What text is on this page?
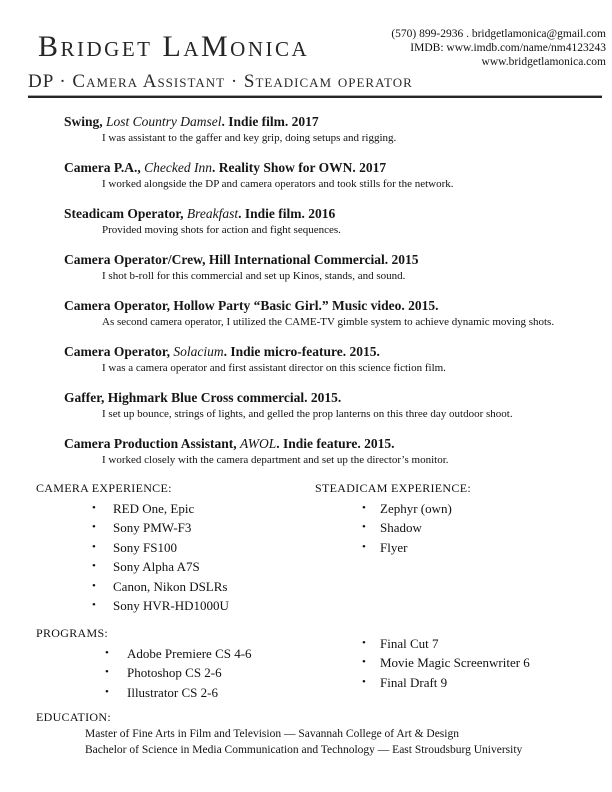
Bridget LaMonica	(570) 899-2936 . bridgetlamonica@gmail.com
IMDB: www.imdb.com/name/nm4123243
www.bridgetlamonica.com
DP · Camera Assistant · Steadicam operator
Swing, Lost Country Damsel. Indie film. 2017

I was assistant to the gaffer and key grip, doing setups and rigging.

Camera P.A., Checked Inn. Reality Show for OWN. 2017

I worked alongside the DP and camera operators and took stills for the network.

Steadicam Operator, Breakfast. Indie film. 2016

Provided moving shots for action and fight sequences.

Camera Operator/Crew, Hill International Commercial. 2015

I shot b-roll for this commercial and set up Kinos, stands, and sound.

Camera Operator, Hollow Party “Basic Girl.” Music video. 2015.

As second camera operator, I utilized the CAME-TV gimble system to achieve dynamic moving shots.

Camera Operator, Solacium. Indie micro-feature. 2015.

I was a camera operator and first assistant director on this science fiction film.

Gaffer, Highmark Blue Cross commercial. 2015.

I set up bounce, strings of lights, and gelled the prop lanterns on this three day outdoor shoot.

Camera Production Assistant, AWOL. Indie feature. 2015.

I worked closely with the camera department and set up the director’s monitor.

CAMERA EXPERIENCE:
• RED One, Epic
• Sony PMW-F3
• Sony FS100
• Sony Alpha A7S
• Canon, Nikon DSLRs
• Sony HVR-HD1000U
STEADICAM EXPERIENCE:
• Zephyr (own)
• Shadow
• Flyer
PROGRAMS:
• Adobe Premiere CS 4-6
• Photoshop CS 2-6
• Illustrator CS 2-6
• Final Cut 7
• Movie Magic Screenwriter 6
• Final Draft 9
EDUCATION:
Master of Fine Arts in Film and Television — Savannah College of Art & Design
Bachelor of Science in Media Communication and Technology — East Stroudsburg University
